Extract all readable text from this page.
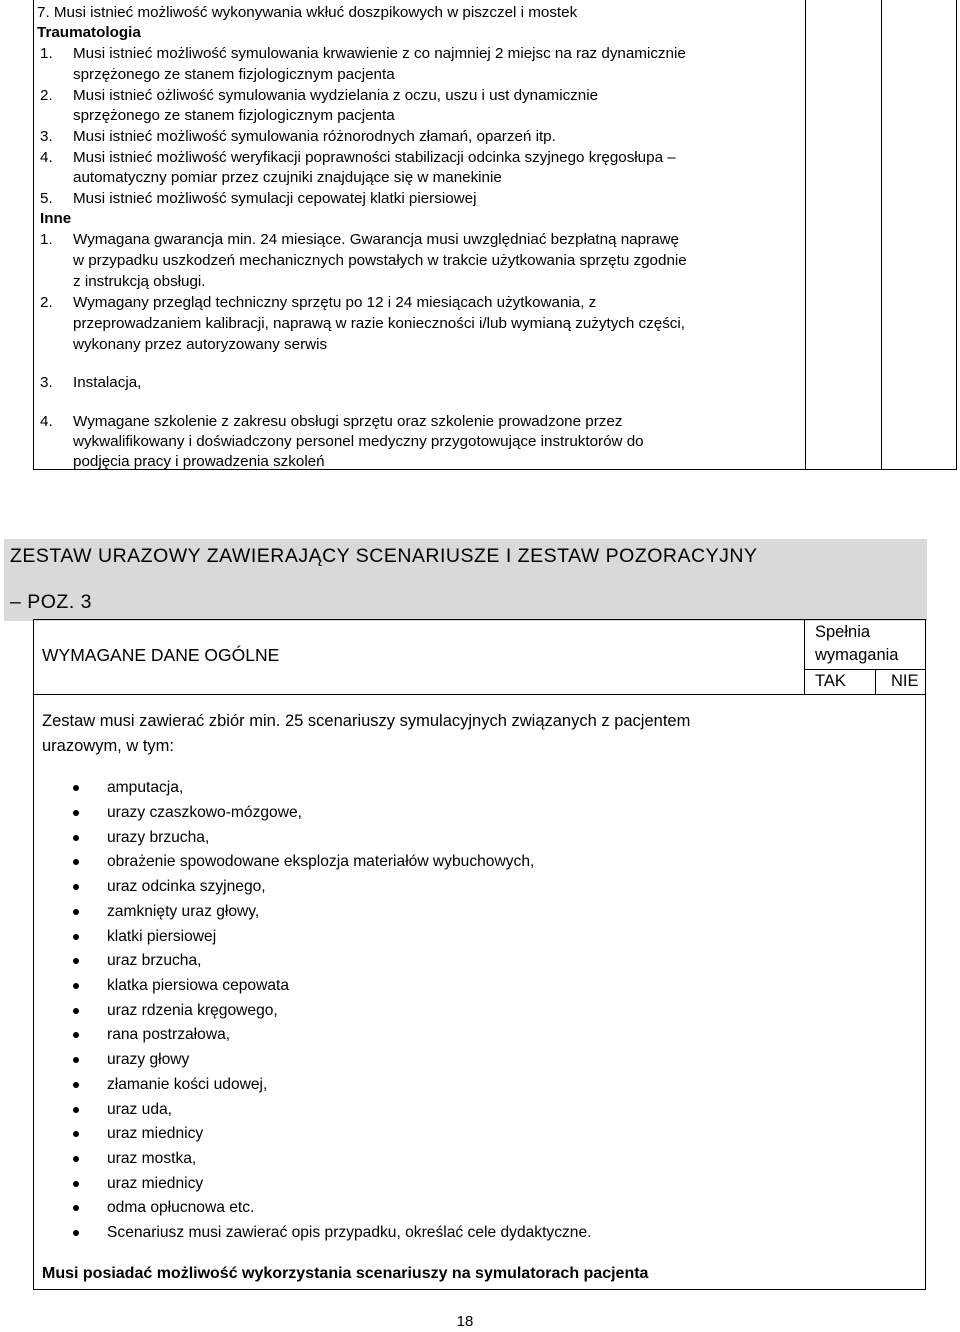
7. Musi istnieć możliwość wykonywania wkłuć doszpikowych w piszczel i mostek
Traumatologia
1. Musi istnieć możliwość symulowania krwawienie z co najmniej 2 miejsc na raz dynamicznie
sprzężonego ze stanem fizjologicznym pacjenta
2. Musi istnieć ożliwość symulowania wydzielania z oczu, uszu i ust dynamicznie
sprzężonego ze stanem fizjologicznym pacjenta
3. Musi istnieć możliwość symulowania różnorodnych złamań, oparzeń itp.
4. Musi istnieć możliwość weryfikacji poprawności stabilizacji odcinka szyjnego kręgosłupa –
automatyczny pomiar przez czujniki znajdujące się w manekinie
5. Musi istnieć możliwość symulacji cepowatej klatki piersiowej
Inne
1. Wymagana gwarancja min. 24 miesiące. Gwarancja musi uwzględniać bezpłatną naprawę
w przypadku uszkodzeń mechanicznych powstałych w trakcie użytkowania sprzętu zgodnie
z instrukcją obsługi.
2. Wymagany przegląd techniczny sprzętu po 12 i 24 miesiącach użytkowania, z
przeprowadzaniem kalibracji, naprawą w razie konieczności i/lub wymianą zużytych części,
wykonany przez autoryzowany serwis
3. Instalacja,
4. Wymagane szkolenie z zakresu obsługi sprzętu oraz szkolenie prowadzone przez
wykwalifikowany i doświadczony personel medyczny przygotowujące instruktorów do
podjęcia pracy i prowadzenia szkoleń
ZESTAW URAZOWY ZAWIERAJĄCY SCENARIUSZE I ZESTAW POZORACYJNY
– POZ. 3
WYMAGANE DANE OGÓLNE
Spełnia
wymagania
TAK	NIE
Zestaw musi zawierać zbiór min. 25 scenariuszy symulacyjnych związanych z pacjentem
urazowym, w tym:
amputacja,
urazy czaszkowo-mózgowe,
urazy brzucha,
obrażenie spowodowane eksplozja materiałów wybuchowych,
uraz odcinka szyjnego,
zamknięty uraz głowy,
klatki piersiowej
uraz brzucha,
klatka piersiowa cepowata
uraz rdzenia kręgowego,
rana postrzałowa,
urazy głowy
złamanie kości udowej,
uraz uda,
uraz miednicy
uraz mostka,
uraz miednicy
odma opłucnowa etc.
Scenariusz musi zawierać opis przypadku, określać cele dydaktyczne.
Musi posiadać możliwość wykorzystania scenariuszy na symulatorach pacjenta
18
